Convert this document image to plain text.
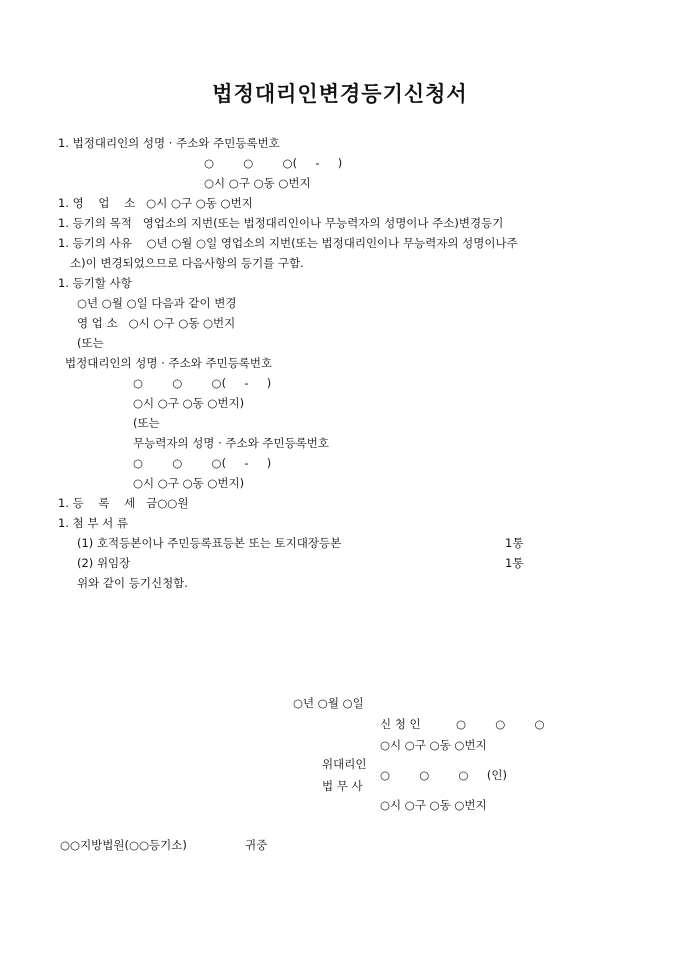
법정대리인변경등기신청서
1. 법정대리인의 성명 · 주소와 주민등록번호
○        ○        ○(     -     )
○시 ○구 ○동 ○번지
1. 영    업    소   ○시 ○구 ○동 ○번지
1. 등기의 목적   영업소의 지번(또는 법정대리인이나 무능력자의 성명이나 주소)변경등기
1. 등기의 사유    ○년 ○월 ○일 영업소의 지번(또는 법정대리인이나 무능력자의 성명이나주
소)이 변경되었으므로 다음사항의 등기를 구함.
1. 등기할 사항
○년 ○월 ○일 다음과 같이 변경
영 업 소   ○시 ○구 ○동 ○번지
(또는
법정대리인의 성명 · 주소와 주민등록번호
○        ○        ○(     -     )
○시 ○구 ○동 ○번지)
(또는
무능력자의 성명 · 주소와 주민등록번호
○        ○        ○(     -     )
○시 ○구 ○동 ○번지)
1. 등    록    세   금○○원
1. 첨 부 서 류
(1) 호적등본이나 주민등록표등본 또는 토지대장등본	1통
(2) 위임장	1통
위와 같이 등기신청함.
○년 ○월 ○일
신 청 인	○        ○        ○
○시 ○구 ○동 ○번지
위대리인
법 무 사
○        ○        ○     (인)
○시 ○구 ○동 ○번지
○○지방법원(○○등기소)	귀중
